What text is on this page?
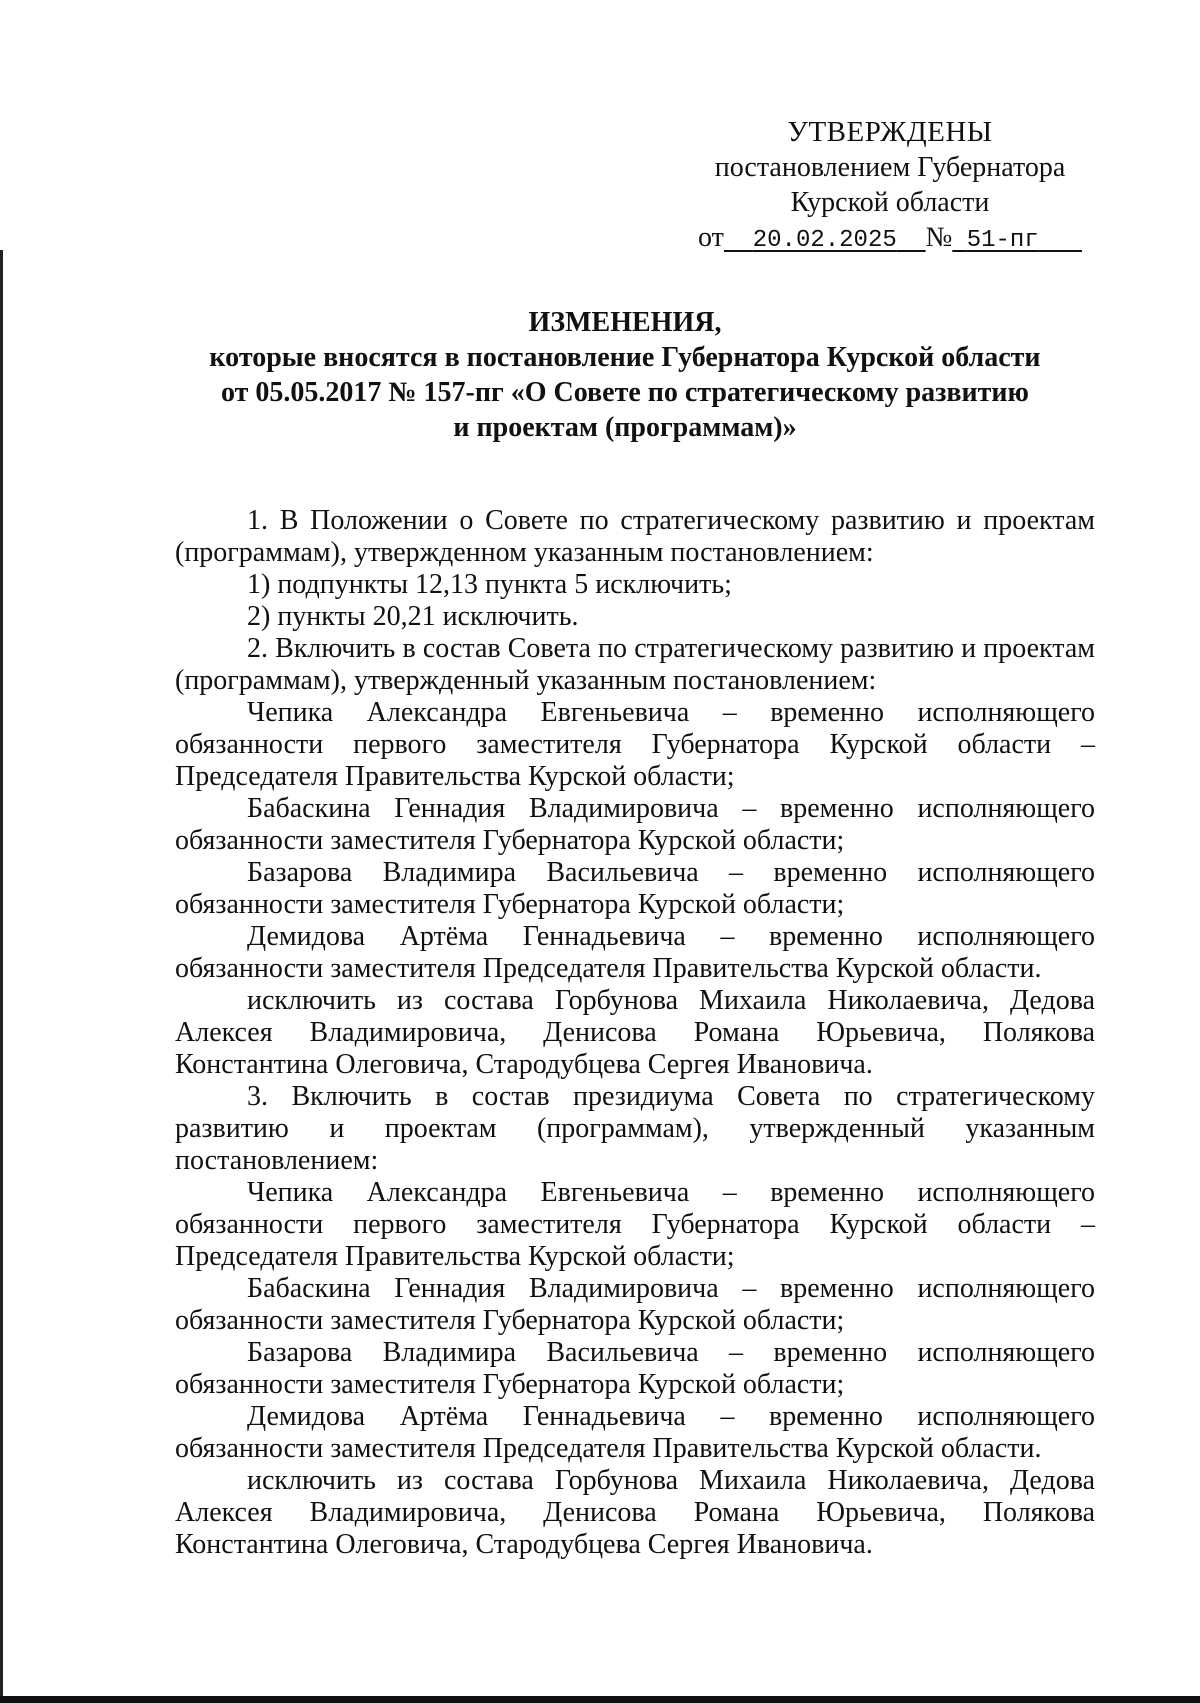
УТВЕРЖДЕНЫ
постановлением Губернатора
Курской области
от 20.02.2025 № 51-пг
ИЗМЕНЕНИЯ,
которые вносятся в постановление Губернатора Курской области
от 05.05.2017 № 157-пг «О Совете по стратегическому развитию
и проектам (программам)»

1. В Положении о Совете по стратегическому развитию и проектам (программам), утвержденном указанным постановлением:

1) подпункты 12,13 пункта 5 исключить;

2) пункты 20,21 исключить.

2. Включить в состав Совета по стратегическому развитию и проектам (программам), утвержденный указанным постановлением:

Чепика Александра Евгеньевича – временно исполняющего обязанности первого заместителя Губернатора Курской области – Председателя Правительства Курской области;

Бабаскина Геннадия Владимировича – временно исполняющего обязанности заместителя Губернатора Курской области;

Базарова Владимира Васильевича – временно исполняющего обязанности заместителя Губернатора Курской области;

Демидова Артёма Геннадьевича – временно исполняющего обязанности заместителя Председателя Правительства Курской области.

исключить из состава Горбунова Михаила Николаевича, Дедова Алексея Владимировича, Денисова Романа Юрьевича, Полякова Константина Олеговича, Стародубцева Сергея Ивановича.

3. Включить в состав президиума Совета по стратегическому развитию и проектам (программам), утвержденный указанным постановлением:

Чепика Александра Евгеньевича – временно исполняющего обязанности первого заместителя Губернатора Курской области – Председателя Правительства Курской области;

Бабаскина Геннадия Владимировича – временно исполняющего обязанности заместителя Губернатора Курской области;

Базарова Владимира Васильевича – временно исполняющего обязанности заместителя Губернатора Курской области;

Демидова Артёма Геннадьевича – временно исполняющего обязанности заместителя Председателя Правительства Курской области.

исключить из состава Горбунова Михаила Николаевича, Дедова Алексея Владимировича, Денисова Романа Юрьевича, Полякова Константина Олеговича, Стародубцева Сергея Ивановича.
